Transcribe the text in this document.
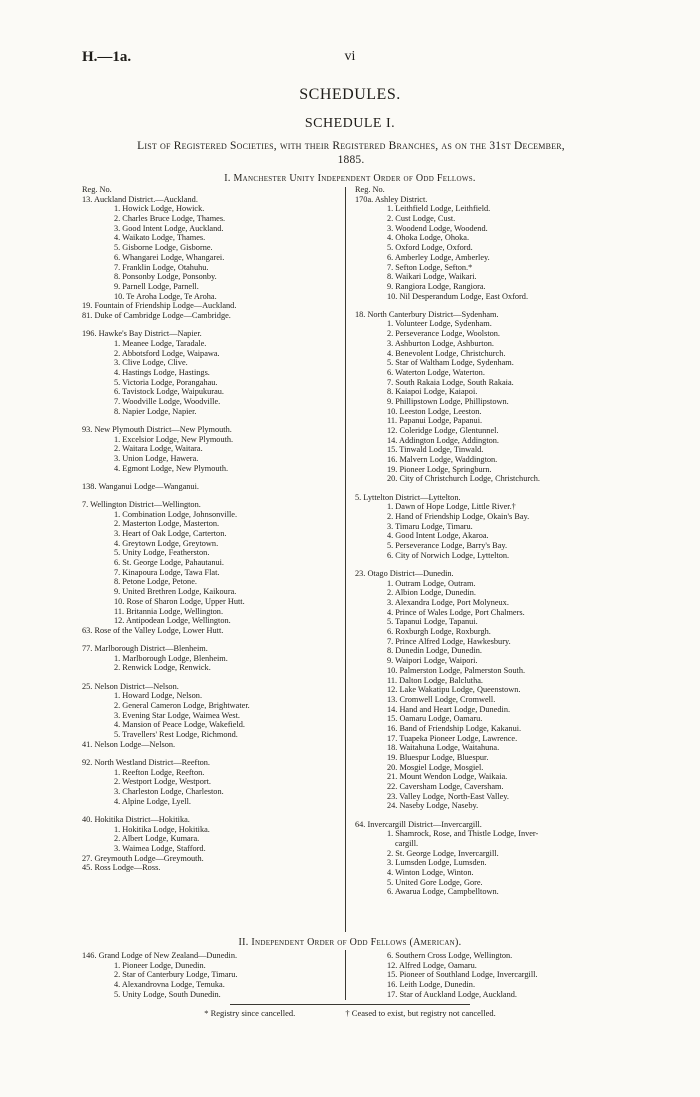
H.—1a.	vi
SCHEDULES.
SCHEDULE I.
List of Registered Societies, with their Registered Branches, as on the 31st December,
1885.
I. Manchester Unity Independent Order of Odd Fellows.
Reg. No.
13. Auckland District.—Auckland.
1. Howick Lodge, Howick.
2. Charles Bruce Lodge, Thames.
3. Good Intent Lodge, Auckland.
4. Waikato Lodge, Thames.
5. Gisborne Lodge, Gisborne.
6. Whangarei Lodge, Whangarei.
7. Franklin Lodge, Otahuhu.
8. Ponsonby Lodge, Ponsonby.
9. Parnell Lodge, Parnell.
10. Te Aroha Lodge, Te Aroha.
19. Fountain of Friendship Lodge—Auckland.
81. Duke of Cambridge Lodge—Cambridge.
196. Hawke's Bay District—Napier.
1. Meanee Lodge, Taradale.
2. Abbotsford Lodge, Waipawa.
3. Clive Lodge, Clive.
4. Hastings Lodge, Hastings.
5. Victoria Lodge, Porangahau.
6. Tavistock Lodge, Waipukurau.
7. Woodville Lodge, Woodville.
8. Napier Lodge, Napier.
93. New Plymouth District—New Plymouth.
1. Excelsior Lodge, New Plymouth.
2. Waitara Lodge, Waitara.
3. Union Lodge, Hawera.
4. Egmont Lodge, New Plymouth.
138. Wanganui Lodge—Wanganui.
7. Wellington District—Wellington.
1. Combination Lodge, Johnsonville.
2. Masterton Lodge, Masterton.
3. Heart of Oak Lodge, Carterton.
4. Greytown Lodge, Greytown.
5. Unity Lodge, Featherston.
6. St. George Lodge, Pahautanui.
7. Kinapoura Lodge, Tawa Flat.
8. Petone Lodge, Petone.
9. United Brethren Lodge, Kaikoura.
10. Rose of Sharon Lodge, Upper Hutt.
11. Britannia Lodge, Wellington.
12. Antipodean Lodge, Wellington.
63. Rose of the Valley Lodge, Lower Hutt.
77. Marlborough District—Blenheim.
1. Marlborough Lodge, Blenheim.
2. Renwick Lodge, Renwick.
25. Nelson District—Nelson.
1. Howard Lodge, Nelson.
2. General Cameron Lodge, Brightwater.
3. Evening Star Lodge, Waimea West.
4. Mansion of Peace Lodge, Wakefield.
5. Travellers' Rest Lodge, Richmond.
41. Nelson Lodge—Nelson.
92. North Westland District—Reefton.
1. Reefton Lodge, Reefton.
2. Westport Lodge, Westport.
3. Charleston Lodge, Charleston.
4. Alpine Lodge, Lyell.
40. Hokitika District—Hokitika.
1. Hokitika Lodge, Hokitika.
2. Albert Lodge, Kumara.
3. Waimea Lodge, Stafford.
27. Greymouth Lodge—Greymouth.
45. Ross Lodge—Ross.
Reg. No.
170a. Ashley District.
1. Leithfield Lodge, Leithfield.
2. Cust Lodge, Cust.
3. Woodend Lodge, Woodend.
4. Ohoka Lodge, Ohoka.
5. Oxford Lodge, Oxford.
6. Amberley Lodge, Amberley.
7. Sefton Lodge, Sefton.*
8. Waikari Lodge, Waikari.
9. Rangiora Lodge, Rangiora.
10. Nil Desperandum Lodge, East Oxford.
18. North Canterbury District—Sydenham.
1. Volunteer Lodge, Sydenham.
2. Perseverance Lodge, Woolston.
3. Ashburton Lodge, Ashburton.
4. Benevolent Lodge, Christchurch.
5. Star of Waltham Lodge, Sydenham.
6. Waterton Lodge, Waterton.
7. South Rakaia Lodge, South Rakaia.
8. Kaiapoi Lodge, Kaiapoi.
9. Phillipstown Lodge, Phillipstown.
10. Leeston Lodge, Leeston.
11. Papanui Lodge, Papanui.
12. Coleridge Lodge, Glentunnel.
14. Addington Lodge, Addington.
15. Tinwald Lodge, Tinwald.
16. Malvern Lodge, Waddington.
19. Pioneer Lodge, Springburn.
20. City of Christchurch Lodge, Christchurch.
5. Lyttelton District—Lyttelton.
1. Dawn of Hope Lodge, Little River.†
2. Hand of Friendship Lodge, Okain's Bay.
3. Timaru Lodge, Timaru.
4. Good Intent Lodge, Akaroa.
5. Perseverance Lodge, Barry's Bay.
6. City of Norwich Lodge, Lyttelton.
23. Otago District—Dunedin.
1. Outram Lodge, Outram.
2. Albion Lodge, Dunedin.
3. Alexandra Lodge, Port Molyneux.
4. Prince of Wales Lodge, Port Chalmers.
5. Tapanui Lodge, Tapanui.
6. Roxburgh Lodge, Roxburgh.
7. Prince Alfred Lodge, Hawkesbury.
8. Dunedin Lodge, Dunedin.
9. Waipori Lodge, Waipori.
10. Palmerston Lodge, Palmerston South.
11. Dalton Lodge, Balclutha.
12. Lake Wakatipu Lodge, Queenstown.
13. Cromwell Lodge, Cromwell.
14. Hand and Heart Lodge, Dunedin.
15. Oamaru Lodge, Oamaru.
16. Band of Friendship Lodge, Kakanui.
17. Tuapeka Pioneer Lodge, Lawrence.
18. Waitahuna Lodge, Waitahuna.
19. Bluespur Lodge, Bluespur.
20. Mosgiel Lodge, Mosgiel.
21. Mount Wendon Lodge, Waikaia.
22. Caversham Lodge, Caversham.
23. Valley Lodge, North-East Valley.
24. Naseby Lodge, Naseby.
64. Invercargill District—Invercargill.
1. Shamrock, Rose, and Thistle Lodge, Inver-
cargill.
2. St. George Lodge, Invercargill.
3. Lumsden Lodge, Lumsden.
4. Winton Lodge, Winton.
5. United Gore Lodge, Gore.
6. Awarua Lodge, Campbelltown.
II. Independent Order of Odd Fellows (American).
146. Grand Lodge of New Zealand—Dunedin.
1. Pioneer Lodge, Dunedin.
2. Star of Canterbury Lodge, Timaru.
4. Alexandrovna Lodge, Temuka.
5. Unity Lodge, South Dunedin.
6. Southern Cross Lodge, Wellington.
12. Alfred Lodge, Oamaru.
15. Pioneer of Southland Lodge, Invercargill.
16. Leith Lodge, Dunedin.
17. Star of Auckland Lodge, Auckland.
* Registry since cancelled.	† Ceased to exist, but registry not cancelled.
